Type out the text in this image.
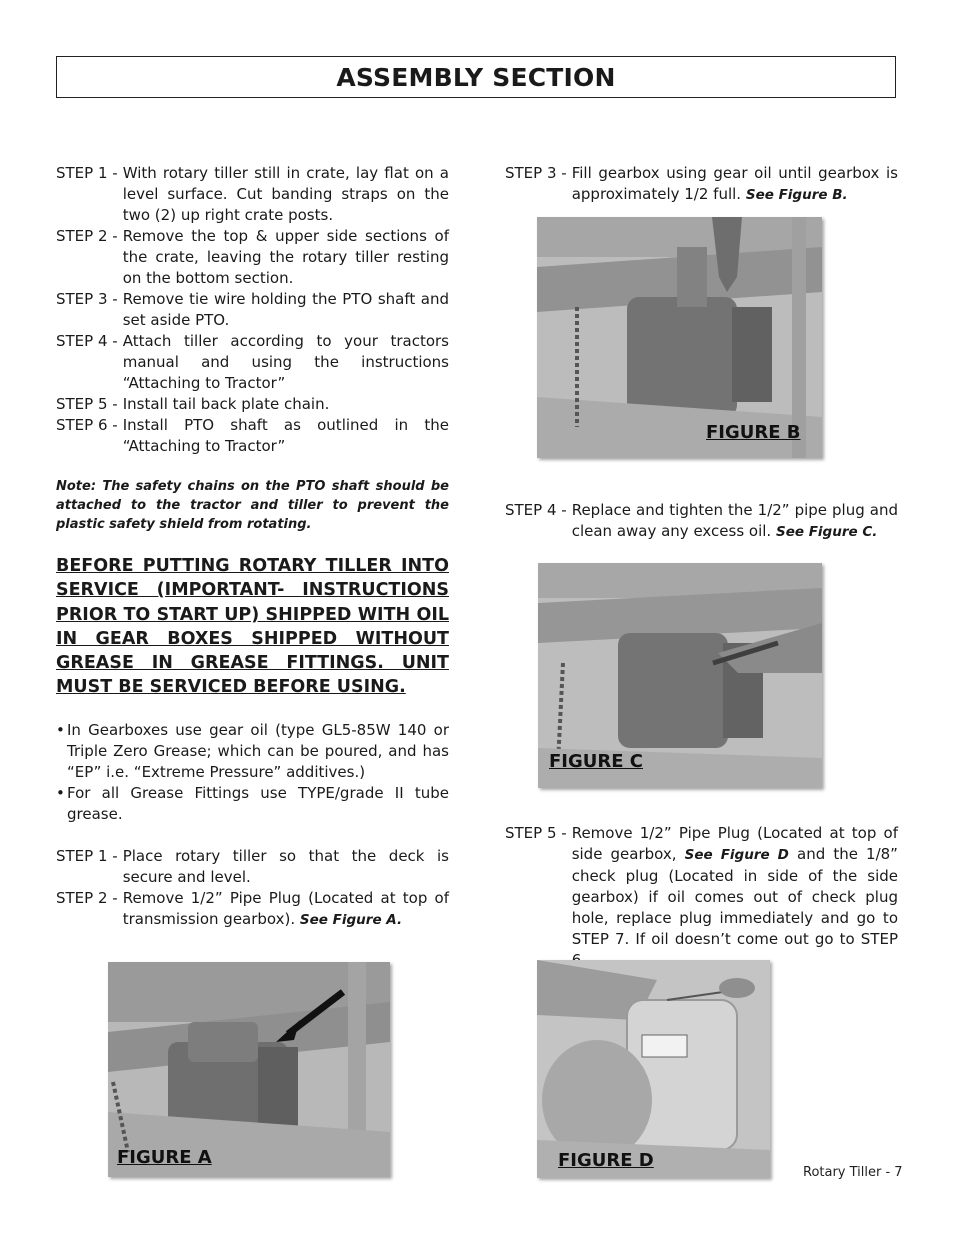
ASSEMBLY SECTION
STEP 1 - With rotary tiller still in crate, lay flat on a level surface. Cut banding straps on the two (2) up right crate posts.
STEP 2 - Remove the top & upper side sections of the crate, leaving the rotary tiller resting on the bottom section.
STEP 3 - Remove tie wire holding the PTO shaft and set aside PTO.
STEP 4 - Attach tiller according to your tractors manual and using the instructions “Attaching to Tractor”
STEP 5 - Install tail back plate chain.
STEP 6 - Install PTO shaft as outlined in the “Attaching to Tractor”
Note: The safety chains on the PTO shaft should be attached to the tractor and tiller to prevent the plastic safety shield from rotating.
BEFORE PUTTING ROTARY TILLER INTO SERVICE (IMPORTANT- INSTRUCTIONS PRIOR TO START UP) SHIPPED WITH OIL IN GEAR BOXES SHIPPED WITHOUT GREASE IN GREASE FITTINGS. UNIT MUST BE SERVICED BEFORE USING.
• In Gearboxes use gear oil (type GL5-85W 140 or Triple Zero Grease; which can be poured, and has “EP” i.e. “Extreme Pressure” additives.)
• For all Grease Fittings use TYPE/grade II tube grease.
STEP 1 - Place rotary tiller so that the deck is secure and level.
STEP 2 - Remove 1/2” Pipe Plug (Located at top of transmission gearbox). See Figure A.
STEP 3 - Fill gearbox using gear oil until gearbox is approximately 1/2 full. See Figure B.
STEP 4 - Replace and tighten the 1/2” pipe plug and clean away any excess oil. See Figure C.
STEP 5 - Remove 1/2” Pipe Plug (Located at top of side gearbox, See Figure D and the 1/8” check plug (Located in side of the side gearbox) if oil comes out of check plug hole, replace plug immediately and go to STEP 7. If oil doesn’t come out go to STEP
FIGURE A
FIGURE B
FIGURE C
FIGURE D
Rotary Tiller - 7
